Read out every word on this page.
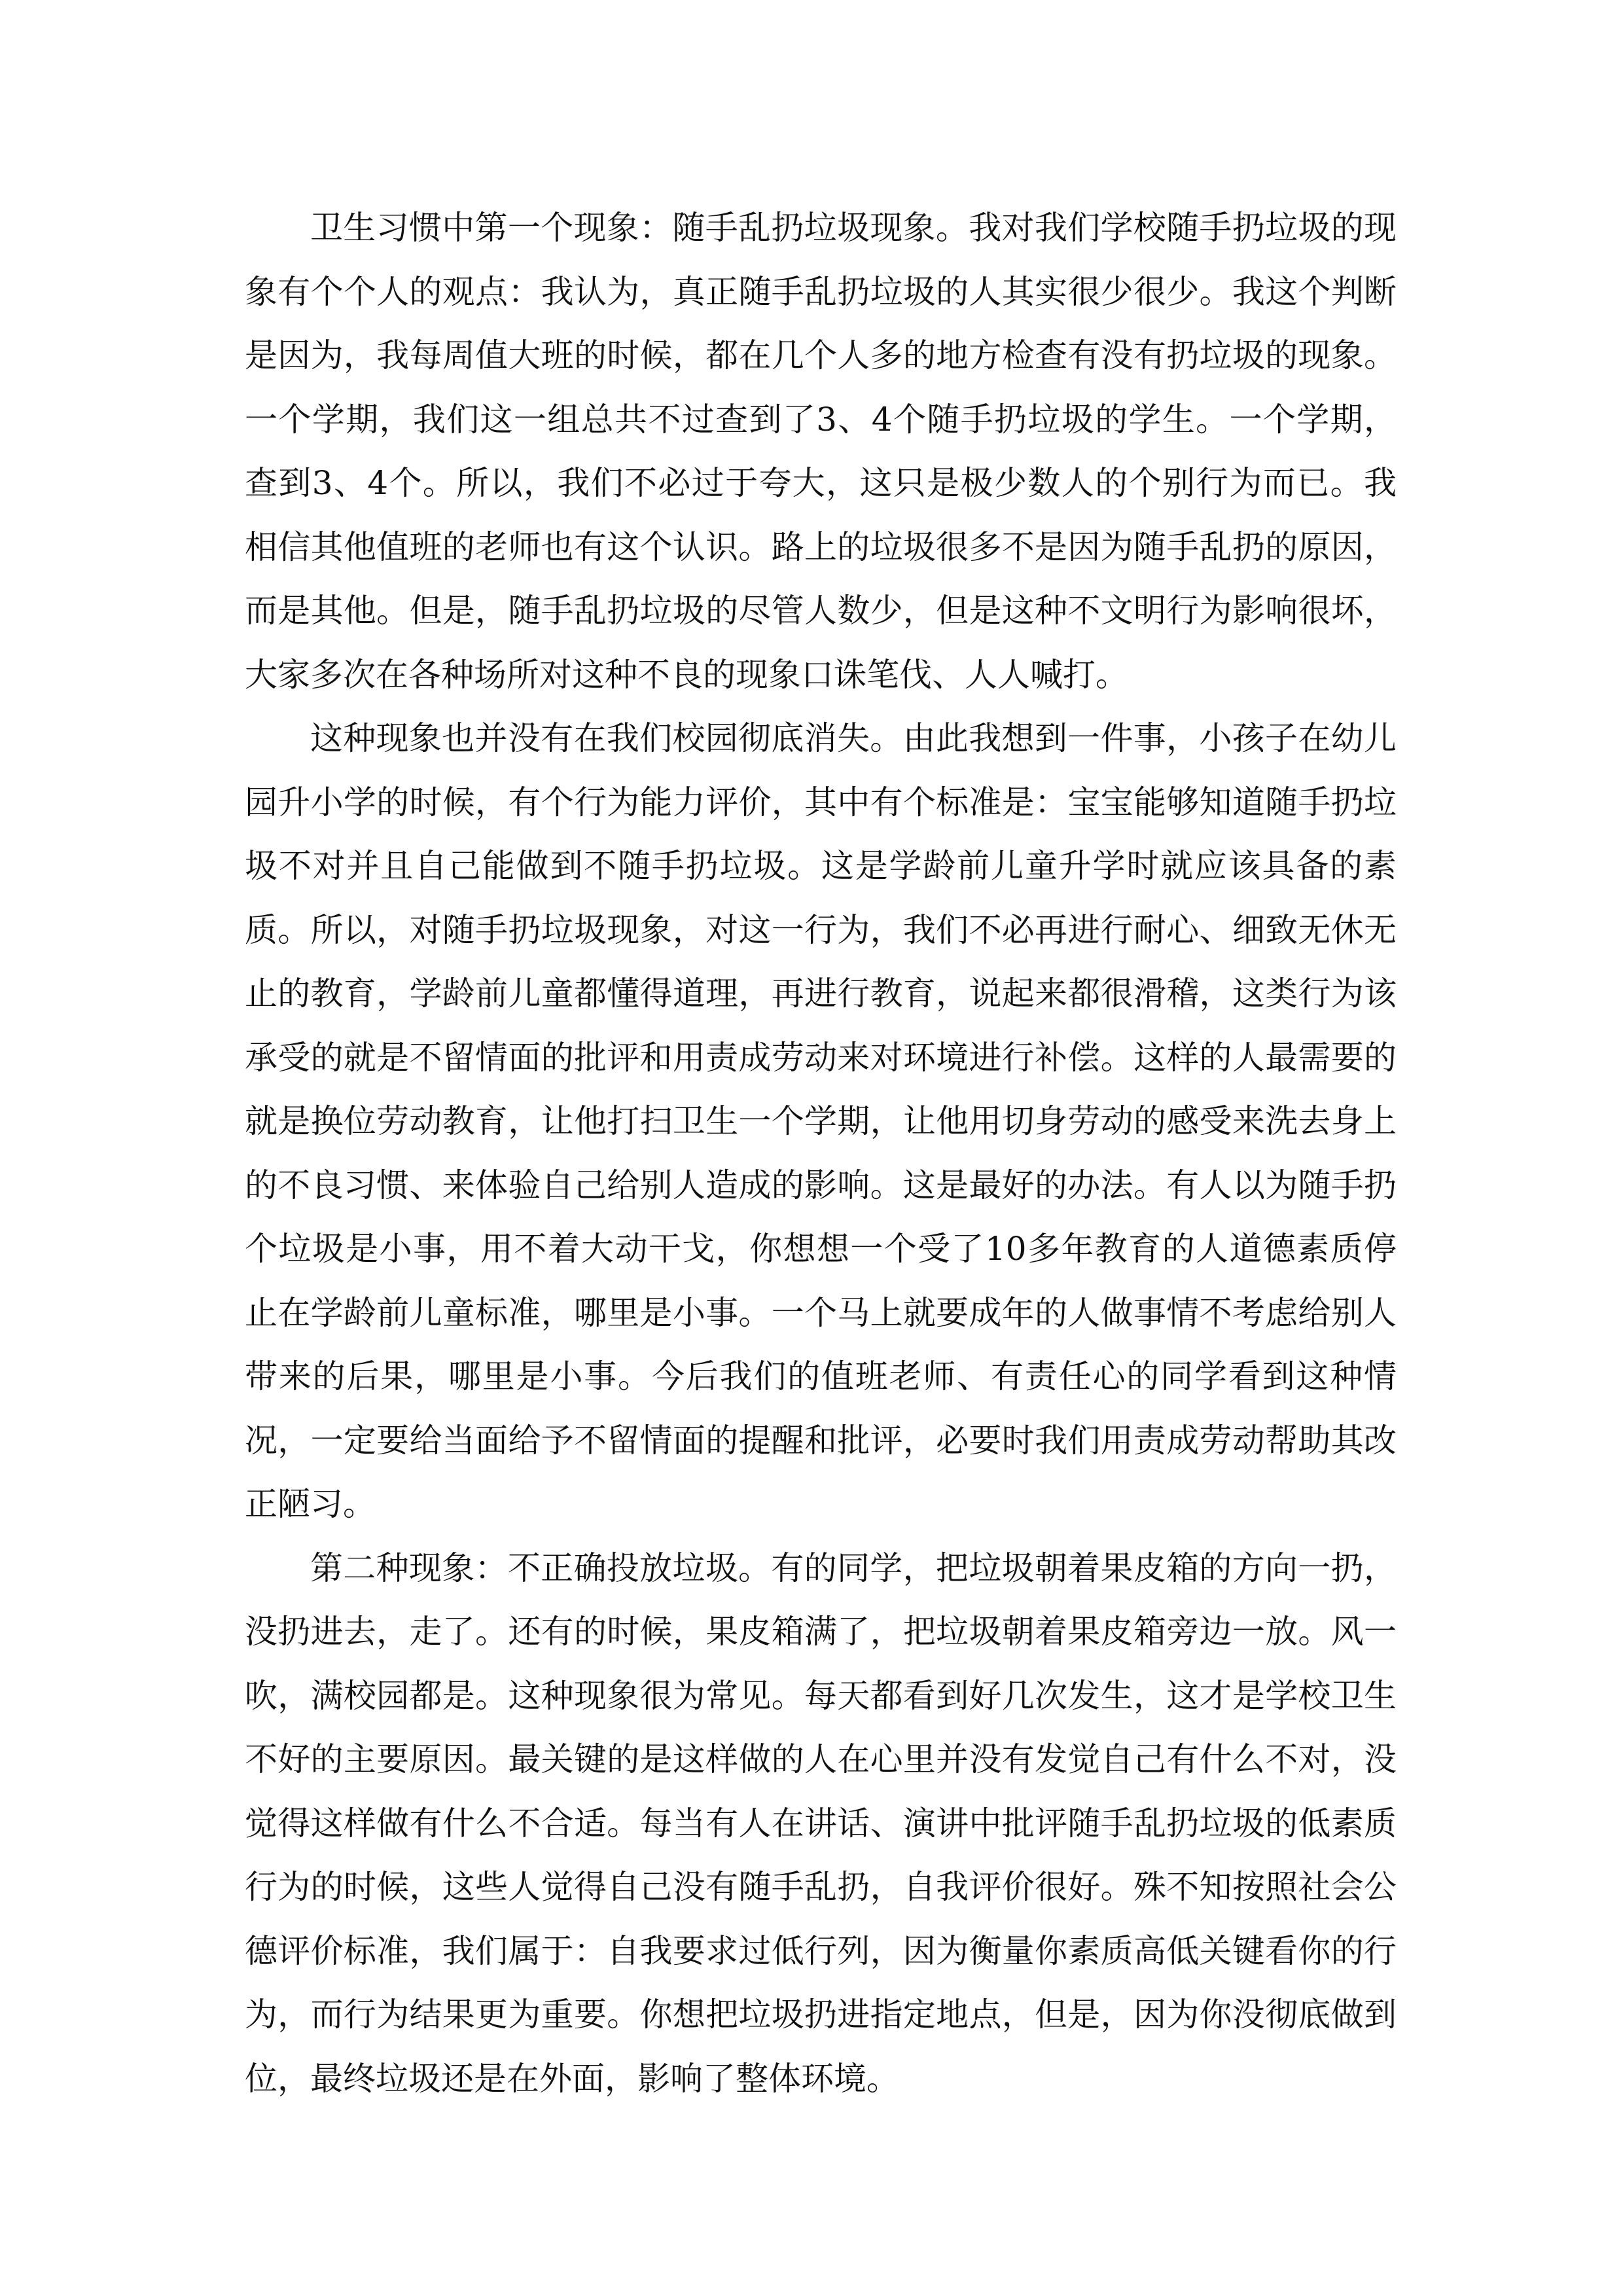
卫生习惯中第一个现象：随手乱扔垃圾现象。我对我们学校随手扔垃圾的现象有个个人的观点：我认为，真正随手乱扔垃圾的人其实很少很少。我这个判断是因为，我每周值大班的时候，都在几个人多的地方检查有没有扔垃圾的现象。一个学期，我们这一组总共不过查到了3、4个随手扔垃圾的学生。一个学期，查到3、4个。所以，我们不必过于夸大，这只是极少数人的个别行为而已。我相信其他值班的老师也有这个认识。路上的垃圾很多不是因为随手乱扔的原因，而是其他。但是，随手乱扔垃圾的尽管人数少，但是这种不文明行为影响很坏，大家多次在各种场所对这种不良的现象口诛笔伐、人人喊打。

这种现象也并没有在我们校园彻底消失。由此我想到一件事，小孩子在幼儿园升小学的时候，有个行为能力评价，其中有个标准是：宝宝能够知道随手扔垃圾不对并且自己能做到不随手扔垃圾。这是学龄前儿童升学时就应该具备的素质。所以，对随手扔垃圾现象，对这一行为，我们不必再进行耐心、细致无休无止的教育，学龄前儿童都懂得道理，再进行教育，说起来都很滑稽，这类行为该承受的就是不留情面的批评和用责成劳动来对环境进行补偿。这样的人最需要的就是换位劳动教育，让他打扫卫生一个学期，让他用切身劳动的感受来洗去身上的不良习惯、来体验自己给别人造成的影响。这是最好的办法。有人以为随手扔个垃圾是小事，用不着大动干戈，你想想一个受了10多年教育的人道德素质停止在学龄前儿童标准，哪里是小事。一个马上就要成年的人做事情不考虑给别人带来的后果，哪里是小事。今后我们的值班老师、有责任心的同学看到这种情况，一定要给当面给予不留情面的提醒和批评，必要时我们用责成劳动帮助其改正陋习。

第二种现象：不正确投放垃圾。有的同学，把垃圾朝着果皮箱的方向一扔，没扔进去，走了。还有的时候，果皮箱满了，把垃圾朝着果皮箱旁边一放。风一吹，满校园都是。这种现象很为常见。每天都看到好几次发生，这才是学校卫生不好的主要原因。最关键的是这样做的人在心里并没有发觉自己有什么不对，没觉得这样做有什么不合适。每当有人在讲话、演讲中批评随手乱扔垃圾的低素质行为的时候，这些人觉得自己没有随手乱扔，自我评价很好。殊不知按照社会公德评价标准，我们属于：自我要求过低行列，因为衡量你素质高低关键看你的行为，而行为结果更为重要。你想把垃圾扔进指定地点，但是，因为你没彻底做到位，最终垃圾还是在外面，影响了整体环境。
